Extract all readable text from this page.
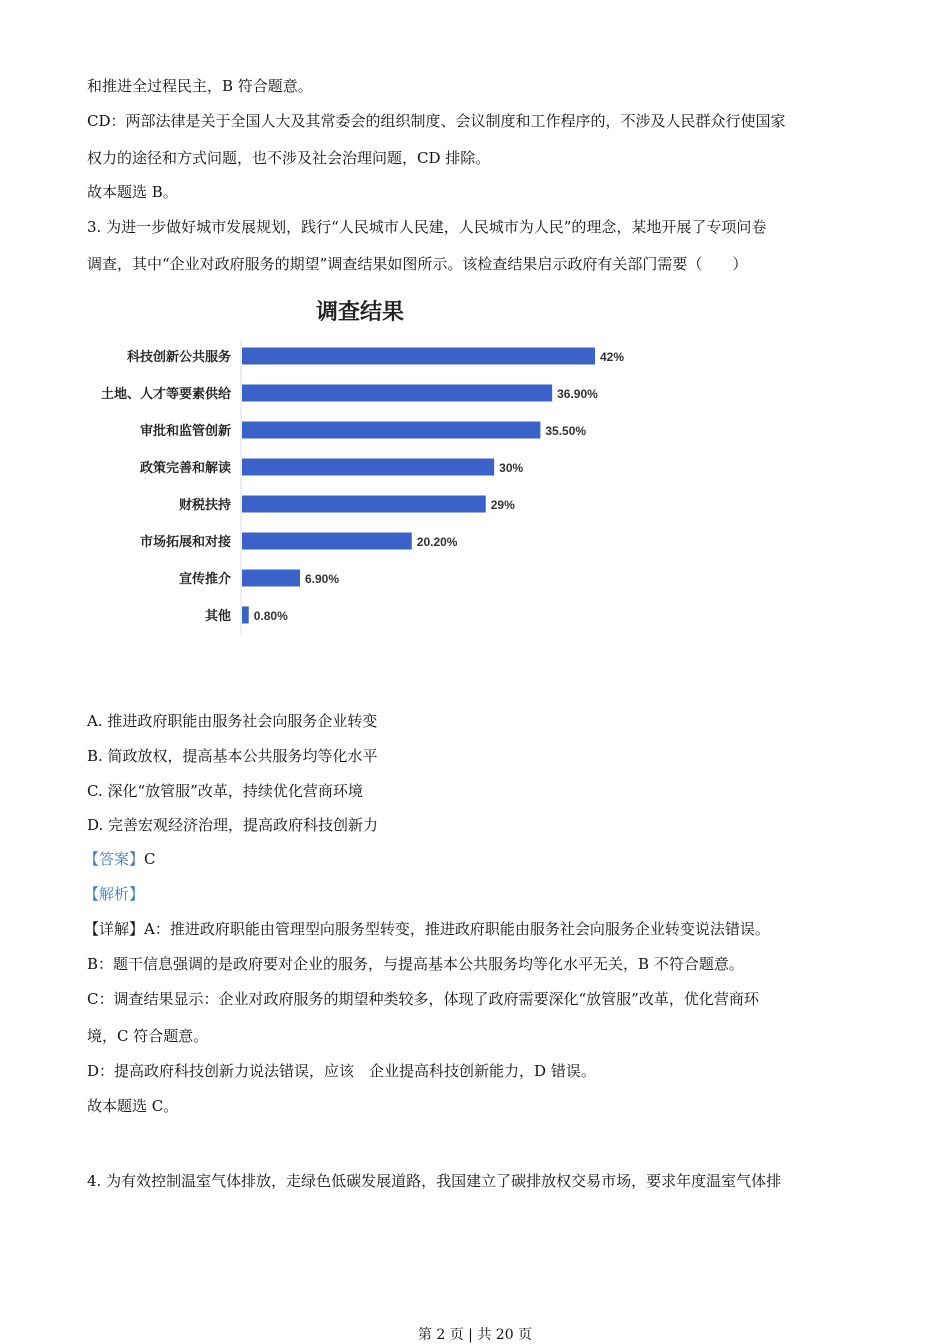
和推进全过程民主，B 符合题意。
CD：两部法律是关于全国人大及其常委会的组织制度、会议制度和工作程序的，不涉及人民群众行使国家
权力的途径和方式问题，也不涉及社会治理问题，CD 排除。
故本题选 B。
3. 为进一步做好城市发展规划，践行“人民城市人民建，人民城市为人民”的理念，某地开展了专项问卷
调查，其中“企业对政府服务的期望”调查结果如图所示。该检查结果启示政府有关部门需要（　　）
调查结果
科技创新公共服务	42%
土地、人才等要素供给	36.90%
审批和监管创新	35.50%
政策完善和解读	30%
财税扶持	29%
市场拓展和对接	20.20%
宣传推介	6.90%
其他 0.80%
A. 推进政府职能由服务社会向服务企业转变
B. 简政放权，提高基本公共服务均等化水平
C. 深化“放管服”改革，持续优化营商环境
D. 完善宏观经济治理，提高政府科技创新力
【答案】C
【解析】
【详解】A：推进政府职能由管理型向服务型转变，推进政府职能由服务社会向服务企业转变说法错误。
B：题干信息强调的是政府要对企业的服务，与提高基本公共服务均等化水平无关，B 不符合题意。
C：调查结果显示：企业对政府服务的期望种类较多，体现了政府需要深化“放管服”改革，优化营商环
境，C 符合题意。
D：提高政府科技创新力说法错误，应该　企业提高科技创新能力，D 错误。
故本题选 C。
4. 为有效控制温室气体排放，走绿色低碳发展道路，我国建立了碳排放权交易市场，要求年度温室气体排
第 2 页 | 共 20 页
